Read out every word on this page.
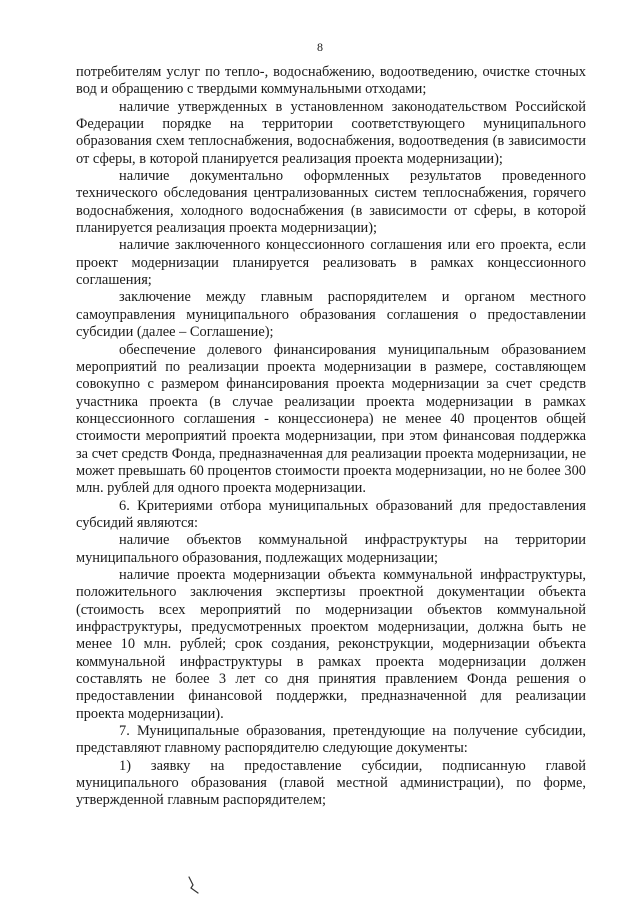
8

потребителям услуг по тепло-, водоснабжению, водоотведению, очистке сточных вод и обращению с твердыми коммунальными отходами;

наличие утвержденных в установленном законодательством Российской Федерации порядке на территории соответствующего муниципального образования схем теплоснабжения, водоснабжения, водоотведения (в зависимости от сферы, в которой планируется реализация проекта модернизации);

наличие документально оформленных результатов проведенного технического обследования централизованных систем теплоснабжения, горячего водоснабжения, холодного водоснабжения (в зависимости от сферы, в которой планируется реализация проекта модернизации);

наличие заключенного концессионного соглашения или его проекта, если проект модернизации планируется реализовать в рамках концессионного соглашения;

заключение между главным распорядителем и органом местного самоуправления муниципального образования соглашения о предоставлении субсидии (далее – Соглашение);

обеспечение долевого финансирования муниципальным образованием мероприятий по реализации проекта модернизации в размере, составляющем совокупно с размером финансирования проекта модернизации за счет средств участника проекта (в случае реализации проекта модернизации в рамках концессионного соглашения - концессионера) не менее 40 процентов общей стоимости мероприятий проекта модернизации, при этом финансовая поддержка за счет средств Фонда, предназначенная для реализации проекта модернизации, не может превышать 60 процентов стоимости проекта модернизации, но не более 300 млн. рублей для одного проекта модернизации.

6. Критериями отбора муниципальных образований для предоставления субсидий являются:

наличие объектов коммунальной инфраструктуры на территории муниципального образования, подлежащих модернизации;

наличие проекта модернизации объекта коммунальной инфраструктуры, положительного заключения экспертизы проектной документации объекта (стоимость всех мероприятий по модернизации объектов коммунальной инфраструктуры, предусмотренных проектом модернизации, должна быть не менее 10 млн. рублей; срок создания, реконструкции, модернизации объекта коммунальной инфраструктуры в рамках проекта модернизации должен составлять не более 3 лет со дня принятия правлением Фонда решения о предоставлении финансовой поддержки, предназначенной для реализации проекта модернизации).

7. Муниципальные образования, претендующие на получение субсидии, представляют главному распорядителю следующие документы:

1) заявку на предоставление субсидии, подписанную главой муниципального образования (главой местной администрации), по форме, утвержденной главным распорядителем;
